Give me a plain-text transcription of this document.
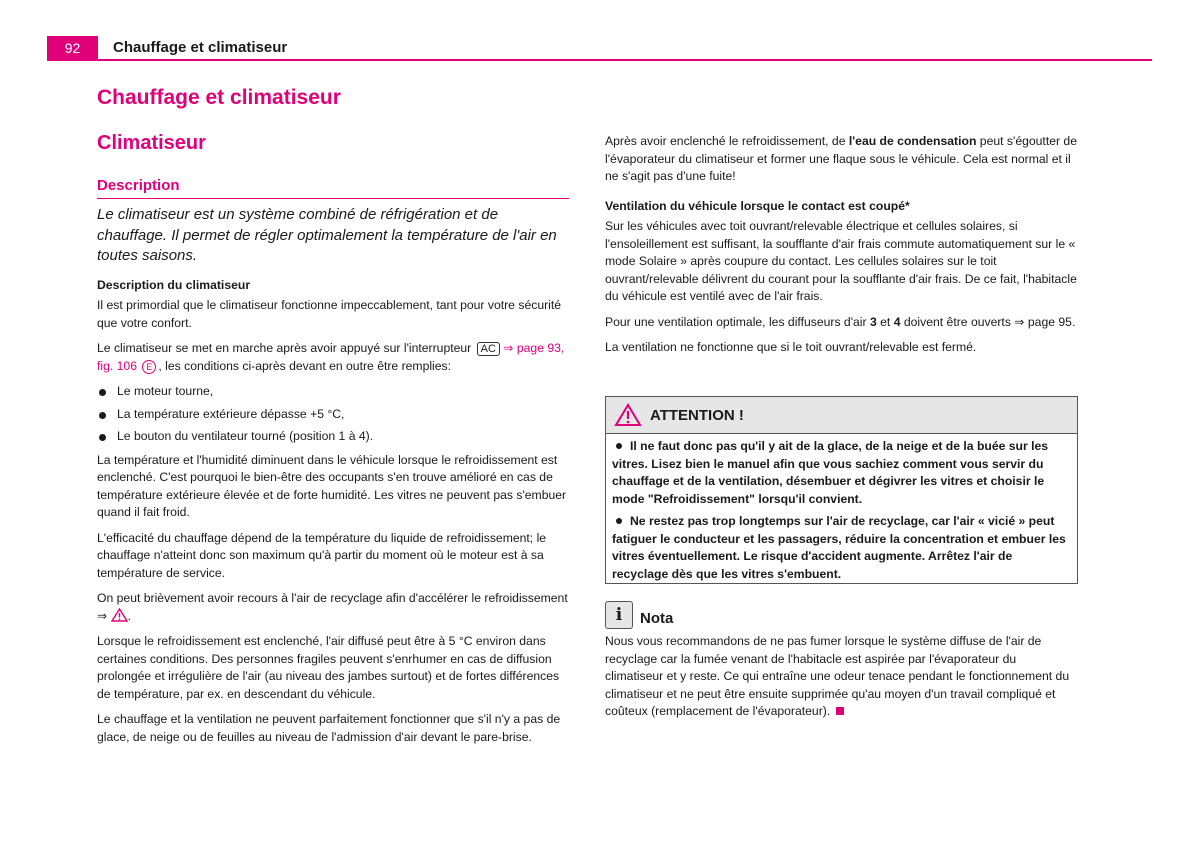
92 Chauffage et climatiseur
Chauffage et climatiseur
Climatiseur
Description

Le climatiseur est un système combiné de réfrigération et de chauffage. Il permet de régler optimalement la température de l'air en toutes saisons.

Description du climatiseur

Il est primordial que le climatiseur fonctionne impeccablement, tant pour votre sécurité que votre confort.

Le climatiseur se met en marche après avoir appuyé sur l'interrupteur AC ⇒ page 93, fig. 106 E , les conditions ci-après devant en outre être remplies:

Le moteur tourne,
La température extérieure dépasse +5 °C,
Le bouton du ventilateur tourné (position 1 à 4).

La température et l'humidité diminuent dans le véhicule lorsque le refroidissement est enclenché. C'est pourquoi le bien-être des occupants s'en trouve amélioré en cas de température extérieure élevée et de forte humidité. Les vitres ne peuvent pas s'embuer quand il fait froid.

L'efficacité du chauffage dépend de la température du liquide de refroidissement; le chauffage n'atteint donc son maximum qu'à partir du moment où le moteur est à sa température de service.

On peut brièvement avoir recours à l'air de recyclage afin d'accélérer le refroidissement ⇒ .

Lorsque le refroidissement est enclenché, l'air diffusé peut être à 5 °C environ dans certaines conditions. Des personnes fragiles peuvent s'enrhumer en cas de diffusion prolongée et irrégulière de l'air (au niveau des jambes surtout) et de fortes différences de température, par ex. en descendant du véhicule.

Le chauffage et la ventilation ne peuvent parfaitement fonctionner que s'il n'y a pas de glace, de neige ou de feuilles au niveau de l'admission d'air devant le pare-brise.

Après avoir enclenché le refroidissement, de l'eau de condensation peut s'égoutter de l'évaporateur du climatiseur et former une flaque sous le véhicule. Cela est normal et il ne s'agit pas d'une fuite!

Ventilation du véhicule lorsque le contact est coupé*

Sur les véhicules avec toit ouvrant/relevable électrique et cellules solaires, si l'ensoleillement est suffisant, la soufflante d'air frais commute automatiquement sur le « mode Solaire » après coupure du contact. Les cellules solaires sur le toit ouvrant/relevable délivrent du courant pour la soufflante d'air frais. De ce fait, l'habitacle du véhicule est ventilé avec de l'air frais.

Pour une ventilation optimale, les diffuseurs d'air 3 et 4 doivent être ouverts ⇒ page 95.

La ventilation ne fonctionne que si le toit ouvrant/relevable est fermé.

ATTENTION !

Il ne faut donc pas qu'il y ait de la glace, de la neige et de la buée sur les vitres. Lisez bien le manuel afin que vous sachiez comment vous servir du chauffage et de la ventilation, désembuer et dégivrer les vitres et choisir le mode "Refroidissement" lorsqu'il convient.

Ne restez pas trop longtemps sur l'air de recyclage, car l'air « vicié » peut fatiguer le conducteur et les passagers, réduire la concentration et embuer les vitres éventuellement. Le risque d'accident augmente. Arrêtez l'air de recyclage dès que les vitres s'embuent.

i Nota
Nous vous recommandons de ne pas fumer lorsque le système diffuse de l'air de recyclage car la fumée venant de l'habitacle est aspirée par l'évaporateur du climatiseur et y reste. Ce qui entraîne une odeur tenace pendant le fonctionnement du climatiseur et ne peut être ensuite supprimée qu'au moyen d'un travail compliqué et coûteux (remplacement de l'évaporateur).
